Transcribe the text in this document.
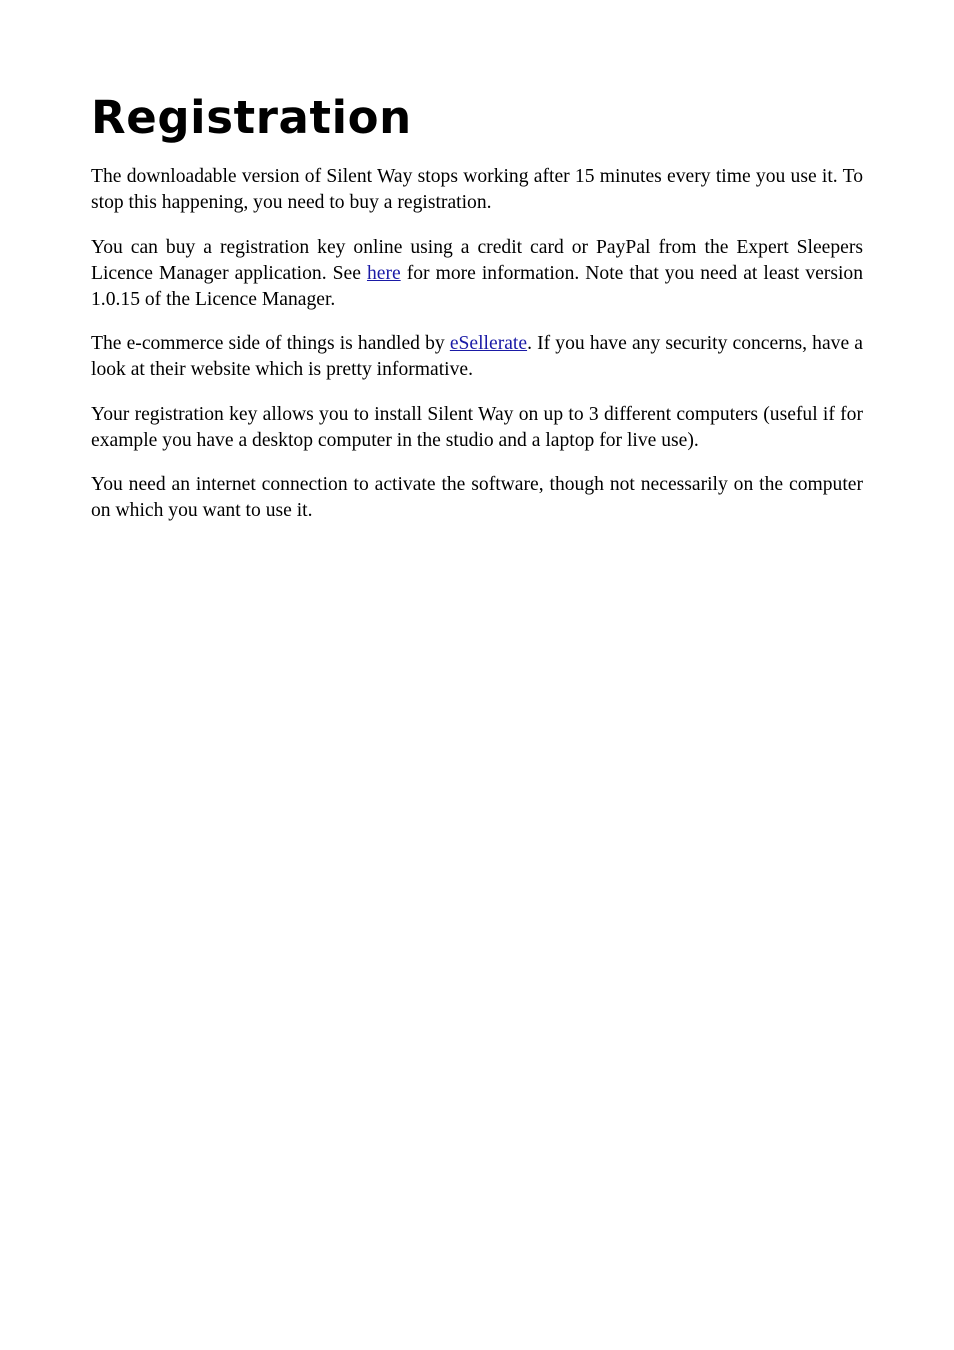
Registration

The downloadable version of Silent Way stops working after 15 minutes every time you use it. To stop this happening, you need to buy a registration.

You can buy a registration key online using a credit card or PayPal from the Expert Sleepers Licence Manager application. See here for more information. Note that you need at least version 1.0.15 of the Licence Manager.

The e-commerce side of things is handled by eSellerate. If you have any security concerns, have a look at their website which is pretty informative.

Your registration key allows you to install Silent Way on up to 3 different computers (useful if for example you have a desktop computer in the studio and a laptop for live use).

You need an internet connection to activate the software, though not necessarily on the computer on which you want to use it.
